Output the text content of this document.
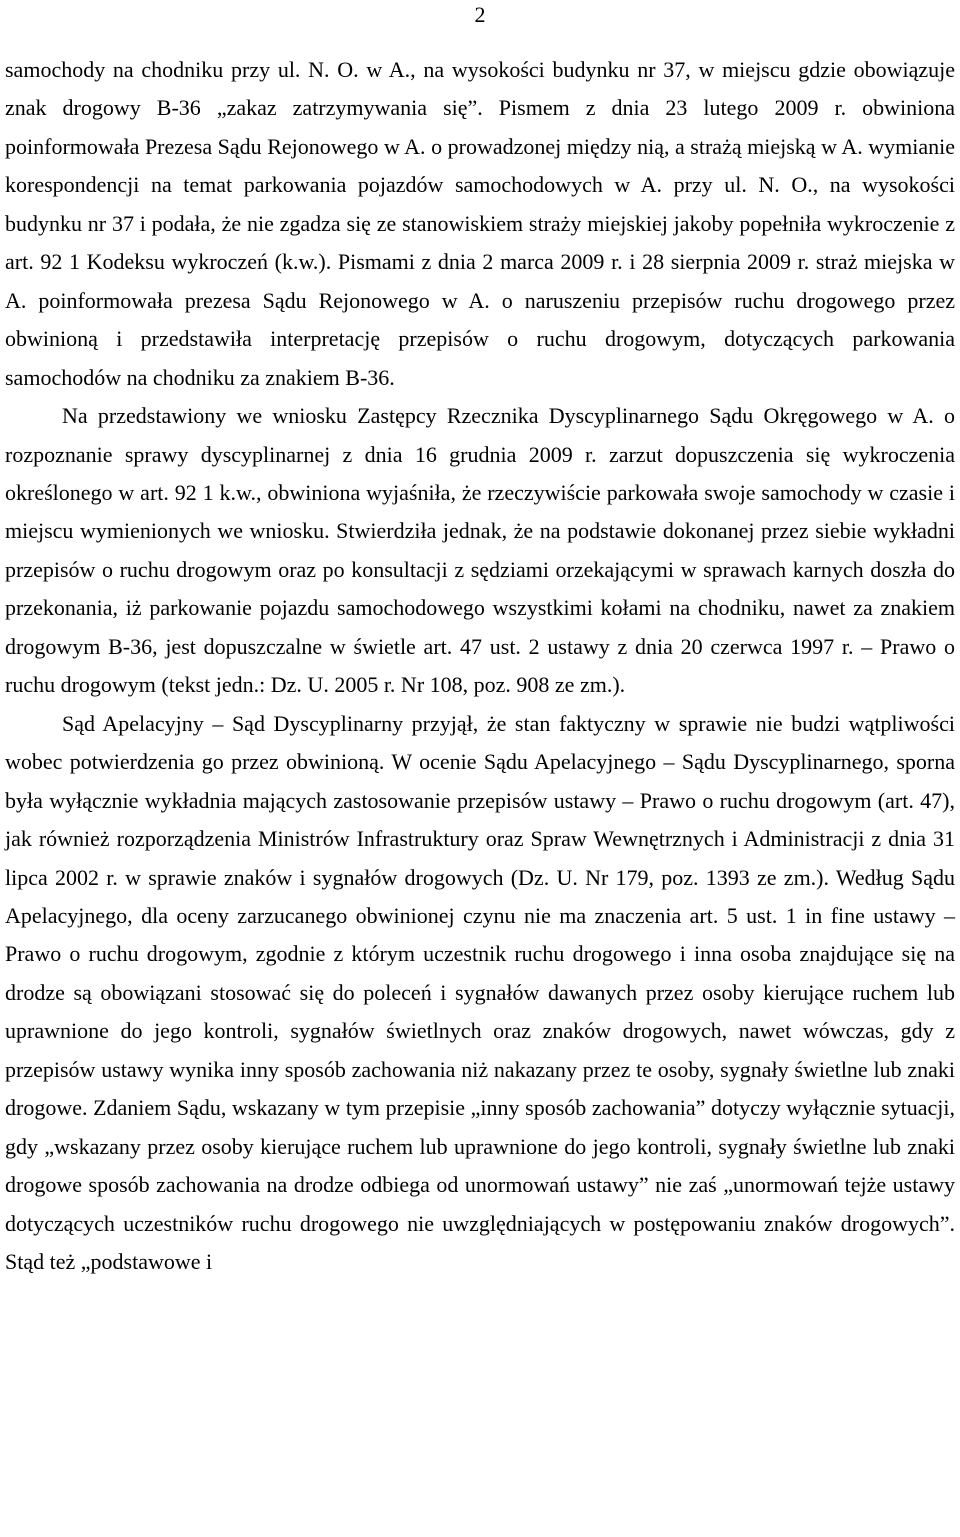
2

samochody na chodniku przy ul. N. O. w A., na wysokości budynku nr 37, w miejscu gdzie obowiązuje znak drogowy B-36 „zakaz zatrzymywania się”. Pismem z dnia 23 lutego 2009 r. obwiniona poinformowała Prezesa Sądu Rejonowego w A. o prowadzonej między nią, a strażą miejską w A. wymianie korespondencji na temat parkowania pojazdów samochodowych w A. przy ul. N. O., na wysokości budynku nr 37 i podała, że nie zgadza się ze stanowiskiem straży miejskiej jakoby popełniła wykroczenie z art. 92 1 Kodeksu wykroczeń (k.w.). Pismami z dnia 2 marca 2009 r. i 28 sierpnia 2009 r. straż miejska w A. poinformowała prezesa Sądu Rejonowego w A. o naruszeniu przepisów ruchu drogowego przez obwinioną i przedstawiła interpretację przepisów o ruchu drogowym, dotyczących parkowania samochodów na chodniku za znakiem B-36.

Na przedstawiony we wniosku Zastępcy Rzecznika Dyscyplinarnego Sądu Okręgowego w A. o rozpoznanie sprawy dyscyplinarnej z dnia 16 grudnia 2009 r. zarzut dopuszczenia się wykroczenia określonego w art. 92 1 k.w., obwiniona wyjaśniła, że rzeczywiście parkowała swoje samochody w czasie i miejscu wymienionych we wniosku. Stwierdziła jednak, że na podstawie dokonanej przez siebie wykładni przepisów o ruchu drogowym oraz po konsultacji z sędziami orzekającymi w sprawach karnych doszła do przekonania, iż parkowanie pojazdu samochodowego wszystkimi kołami na chodniku, nawet za znakiem drogowym B-36, jest dopuszczalne w świetle art. 47 ust. 2 ustawy z dnia 20 czerwca 1997 r. – Prawo o ruchu drogowym (tekst jedn.: Dz. U. 2005 r. Nr 108, poz. 908 ze zm.).

Sąd Apelacyjny – Sąd Dyscyplinarny przyjął, że stan faktyczny w sprawie nie budzi wątpliwości wobec potwierdzenia go przez obwinioną. W ocenie Sądu Apelacyjnego – Sądu Dyscyplinarnego, sporna była wyłącznie wykładnia mających zastosowanie przepisów ustawy – Prawo o ruchu drogowym (art. 47), jak również rozporządzenia Ministrów Infrastruktury oraz Spraw Wewnętrznych i Administracji z dnia 31 lipca 2002 r. w sprawie znaków i sygnałów drogowych (Dz. U. Nr 179, poz. 1393 ze zm.). Według Sądu Apelacyjnego, dla oceny zarzucanego obwinionej czynu nie ma znaczenia art. 5 ust. 1 in fine ustawy – Prawo o ruchu drogowym, zgodnie z którym uczestnik ruchu drogowego i inna osoba znajdujące się na drodze są obowiązani stosować się do poleceń i sygnałów dawanych przez osoby kierujące ruchem lub uprawnione do jego kontroli, sygnałów świetlnych oraz znaków drogowych, nawet wówczas, gdy z przepisów ustawy wynika inny sposób zachowania niż nakazany przez te osoby, sygnały świetlne lub znaki drogowe. Zdaniem Sądu, wskazany w tym przepisie „inny sposób zachowania” dotyczy wyłącznie sytuacji, gdy „wskazany przez osoby kierujące ruchem lub uprawnione do jego kontroli, sygnały świetlne lub znaki drogowe sposób zachowania na drodze odbiega od unormowań ustawy” nie zaś „unormowań tejże ustawy dotyczących uczestników ruchu drogowego nie uwzględniających w postępowaniu znaków drogowych”. Stąd też „podstawowe i
